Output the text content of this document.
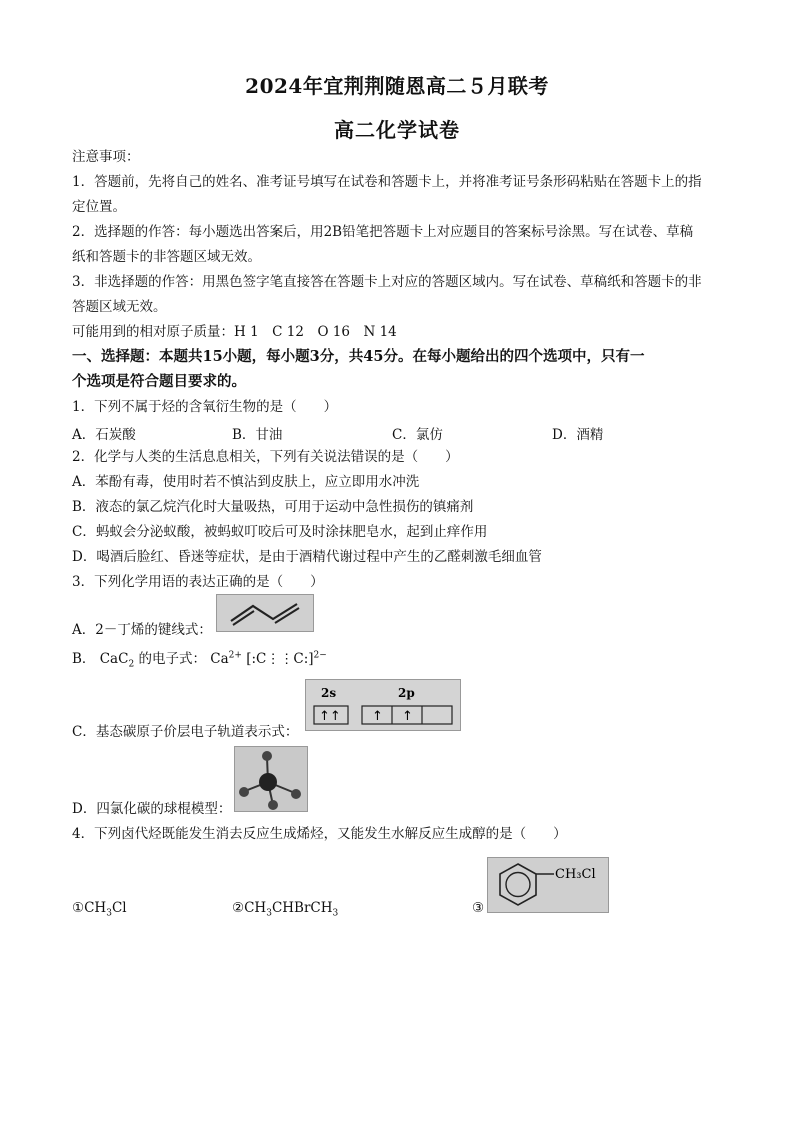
2024年宜荆荆随恩高二５月联考
高二化学试卷
注意事项：
1．答题前，先将自己的姓名、准考证号填写在试卷和答题卡上，并将准考证号条形码粘贴在答题卡上的指
定位置。
2．选择题的作答：每小题选出答案后，用2B铅笔把答题卡上对应题目的答案标号涂黑。写在试卷、草稿
纸和答题卡的非答题区域无效。
3．非选择题的作答：用黑色签字笔直接答在答题卡上对应的答题区域内。写在试卷、草稿纸和答题卡的非
答题区域无效。
可能用到的相对原子质量：H 1　C 12　O 16　N 14
一、选择题：本题共15小题，每小题3分，共45分。在每小题给出的四个选项中，只有一
个选项是符合题目要求的。
1．下列不属于烃的含氧衍生物的是（　　）
A．石炭酸	B．甘油	C．氯仿	D．酒精
2．化学与人类的生活息息相关，下列有关说法错误的是（　　）
A．苯酚有毒，使用时若不慎沾到皮肤上，应立即用水冲洗
B．液态的氯乙烷汽化时大量吸热，可用于运动中急性损伤的镇痛剂
C．蚂蚁会分泌蚁酸，被蚂蚁叮咬后可及时涂抹肥皂水，起到止痒作用
D．喝酒后脸红、昏迷等症状，是由于酒精代谢过程中产生的乙醛刺激毛细血管
3．下列化学用语的表达正确的是（　　）
A．2－丁烯的键线式：
B． CaC$_2$ 的电子式： $Ca^{2+}$ [:C⋮⋮C:]$^{2-}$
C．基态碳原子价层电子轨道表示式：
2s	2p
↑↑ ↑ ↑
D．四氯化碳的球棍模型：
4．下列卤代烃既能发生消去反应生成烯烃，又能发生水解反应生成醇的是（　　）
$①CH_3Cl$	$②CH_3CHBrCH_3$	③
CH₃Cl
